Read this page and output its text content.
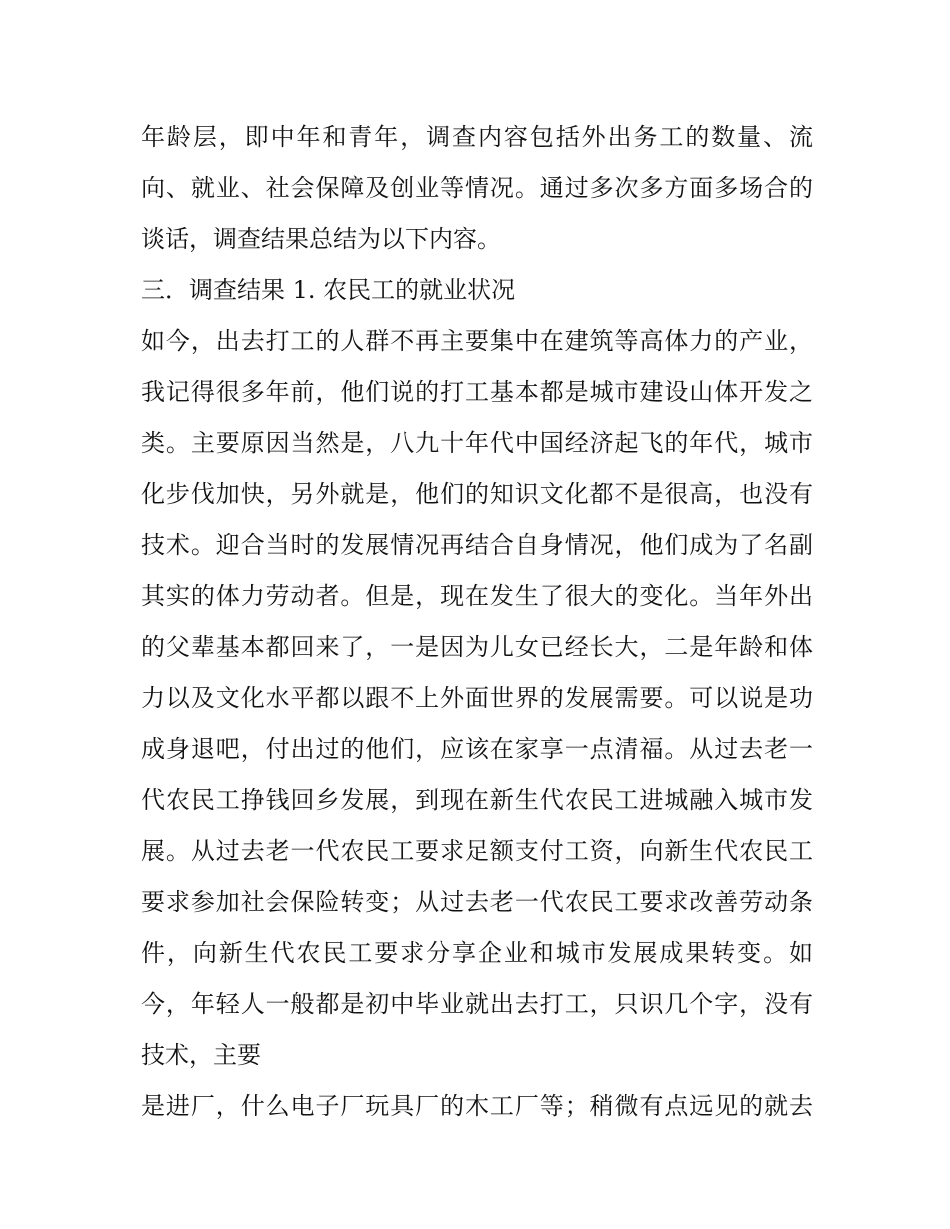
年龄层，即中年和青年，调查内容包括外出务工的数量、流
向、就业、社会保障及创业等情况。通过多次多方面多场合的
谈话，调查结果总结为以下内容。
三．调查结果 1. 农民工的就业状况
如今，出去打工的人群不再主要集中在建筑等高体力的产业，
我记得很多年前，他们说的打工基本都是城市建设山体开发之
类。主要原因当然是，八九十年代中国经济起飞的年代，城市
化步伐加快，另外就是，他们的知识文化都不是很高，也没有
技术。迎合当时的发展情况再结合自身情况，他们成为了名副
其实的体力劳动者。但是，现在发生了很大的变化。当年外出
的父辈基本都回来了，一是因为儿女已经长大，二是年龄和体
力以及文化水平都以跟不上外面世界的发展需要。可以说是功
成身退吧，付出过的他们，应该在家享一点清福。从过去老一
代农民工挣钱回乡发展，到现在新生代农民工进城融入城市发
展。从过去老一代农民工要求足额支付工资，向新生代农民工
要求参加社会保险转变；从过去老一代农民工要求改善劳动条
件，向新生代农民工要求分享企业和城市发展成果转变。如
今，年轻人一般都是初中毕业就出去打工，只识几个字，没有
技术，主要
是进厂，什么电子厂玩具厂的木工厂等；稍微有点远见的就去
